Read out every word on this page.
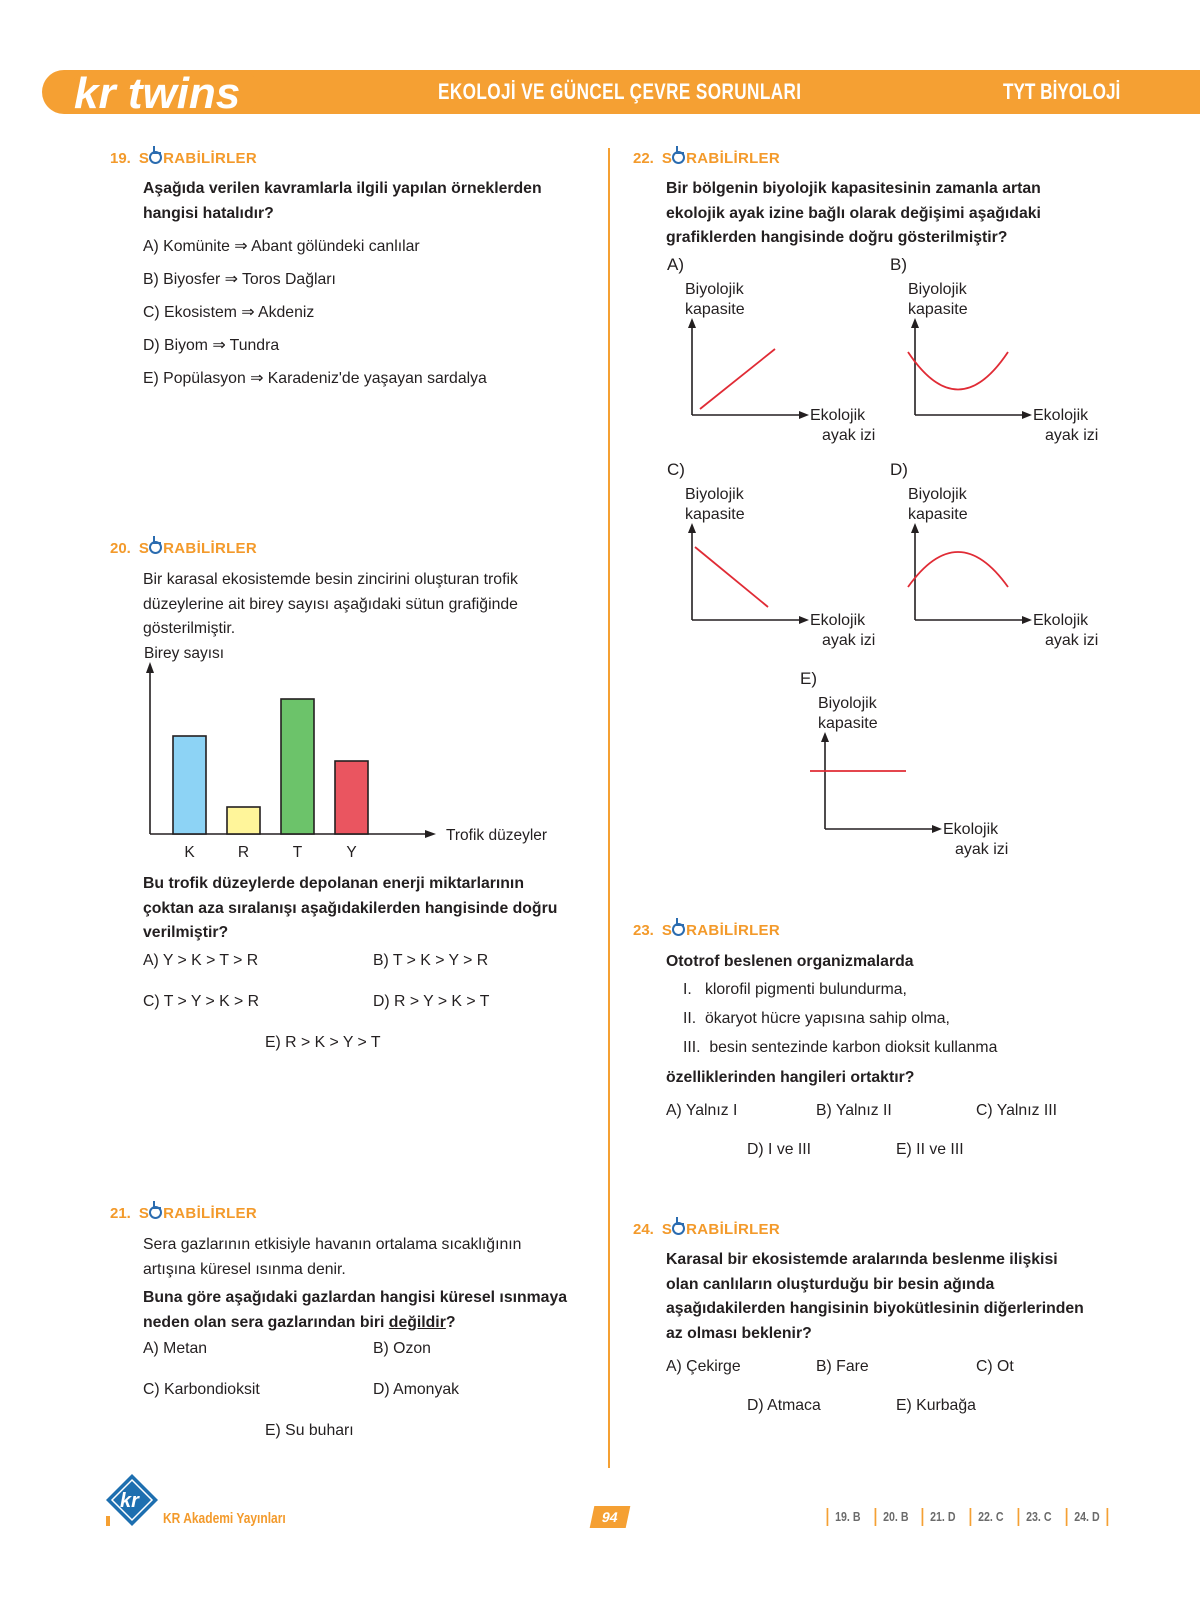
kr twins	EKOLOJİ VE GÜNCEL ÇEVRE SORUNLARI	TYT BİYOLOJİ
19. S RABİLİRLER
Aşağıda verilen kavramlarla ilgili yapılan örneklerden hangisi hatalıdır?
A) Komünite ⇒ Abant gölündeki canlılar
B) Biyosfer ⇒ Toros Dağları
C) Ekosistem ⇒ Akdeniz
D) Biyom ⇒ Tundra
E) Popülasyon ⇒ Karadeniz'de yaşayan sardalya
20. S RABİLİRLER
Bir karasal ekosistemde besin zincirini oluşturan trofik düzeylerine ait birey sayısı aşağıdaki sütun grafiğinde gösterilmiştir.
Birey sayısı
Trofik düzeyler
K	R	T	Y
Bu trofik düzeylerde depolanan enerji miktarlarının çoktan aza sıralanışı aşağıdakilerden hangisinde doğru verilmiştir?
A) Y > K > T > R	B) T > K > Y > R
C) T > Y > K > R	D) R > Y > K > T
E) R > K > Y > T
21. S RABİLİRLER
Sera gazlarının etkisiyle havanın ortalama sıcaklığının artışına küresel ısınma denir.
Buna göre aşağıdaki gazlardan hangisi küresel ısınmaya neden olan sera gazlarından biri değildir?
A) Metan	B) Ozon
C) Karbondioksit	D) Amonyak
E) Su buharı
22. S RABİLİRLER
Bir bölgenin biyolojik kapasitesinin zamanla artan ekolojik ayak izine bağlı olarak değişimi aşağıdaki grafiklerden hangisinde doğru gösterilmiştir?
A)
Biyolojik
kapasite
Ekolojik
ayak izi
B)
Biyolojik
kapasite
Ekolojik
ayak izi
C)
Biyolojik
kapasite
Ekolojik
ayak izi
D)
Biyolojik
kapasite
Ekolojik
ayak izi
E)
Biyolojik
kapasite
Ekolojik
ayak izi
23. S RABİLİRLER
Ototrof beslenen organizmalarda
I. klorofil pigmenti bulundurma,
II. ökaryot hücre yapısına sahip olma,
III. besin sentezinde karbon dioksit kullanma
özelliklerinden hangileri ortaktır?
A) Yalnız I	B) Yalnız II	C) Yalnız III
D) I ve III	E) II ve III
24. S RABİLİRLER
Karasal bir ekosistemde aralarında beslenme ilişkisi olan canlıların oluşturduğu bir besin ağında aşağıdakilerden hangisinin biyokütlesinin diğerlerinden az olması beklenir?
A) Çekirge	B) Fare	C) Ot
D) Atmaca	E) Kurbağa
kr
KR Akademi Yayınları	94	19. B	20. B	21. D	22. C	23. C	24. D
